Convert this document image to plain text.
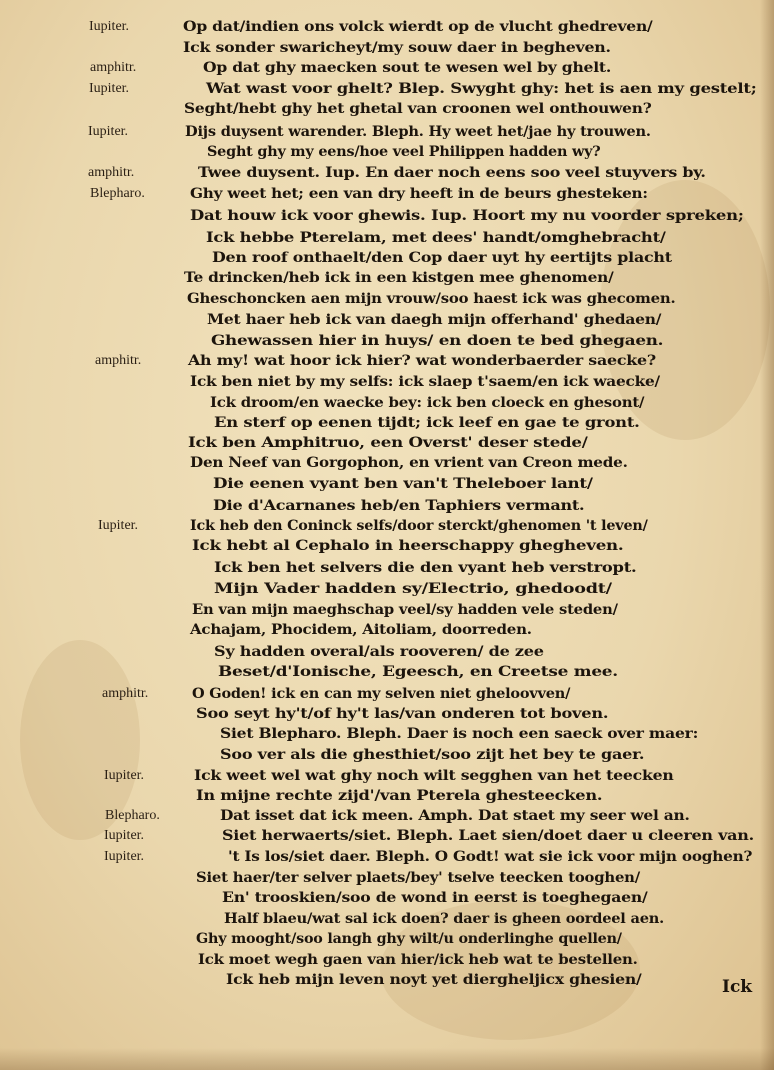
Iupiter.	Op dat/indien ons volck wierdt op de vlucht ghedreven/
Ick sonder swaricheyt/my souw daer in begheven.
amphitr.	Op dat ghy maecken sout te wesen wel by ghelt.
Iupiter.	Wat wast voor ghelt? Blep. Swyght ghy: het is aen my gestelt;
Seght/hebt ghy het ghetal van croonen wel onthouwen?
Iupiter.	Dijs duysent warender. Bleph. Hy weet het/jae hy trouwen.
Seght ghy my eens/hoe veel Philippen hadden wy?
amphitr.	Twee duysent. Iup. En daer noch eens soo veel stuyvers by.
Blepharo.	Ghy weet het; een van dry heeft in de beurs ghesteken:
Dat houw ick voor ghewis. Iup. Hoort my nu voorder spreken;
Ick hebbe Pterelam, met dees' handt/omghebracht/
Den roof onthaelt/den Cop daer uyt hy eertijts placht
Te drincken/heb ick in een kistgen mee ghenomen/
Gheschoncken aen mijn vrouw/soo haest ick was ghecomen.
Met haer heb ick van daegh mijn offerhand' ghedaen/
Ghewassen hier in huys/ en doen te bed ghegaen.
amphitr.	Ah my! wat hoor ick hier? wat wonderbaerder saecke?
Ick ben niet by my selfs: ick slaep t'saem/en ick waecke/
Ick droom/en waecke bey: ick ben cloeck en ghesont/
En sterf op eenen tijdt; ick leef en gae te gront.
Ick ben Amphitruo, een Overst' deser stede/
Den Neef van Gorgophon, en vrient van Creon mede.
Die eenen vyant ben van't Theleboer lant/
Die d'Acarnanes heb/en Taphiers vermant.
Iupiter.	Ick heb den Coninck selfs/door sterckt/ghenomen 't leven/
Ick hebt al Cephalo in heerschappy ghegheven.
Ick ben het selvers die den vyant heb verstropt.
Mijn Vader hadden sy/Electrio, ghedoodt/
En van mijn maeghschap veel/sy hadden vele steden/
Achajam, Phocidem, Aitoliam, doorreden.
Sy hadden overal/als rooveren/ de zee
Beset/d'Ionische, Egeesch, en Creetse mee.
amphitr.	O Goden! ick en can my selven niet gheloovven/
Soo seyt hy't/of hy't las/van onderen tot boven.
Siet Blepharo. Bleph. Daer is noch een saeck over maer:
Soo ver als die ghesthiet/soo zijt het bey te gaer.
Iupiter.	Ick weet wel wat ghy noch wilt segghen van het teecken
In mijne rechte zijd'/van Pterela ghesteecken.
Blepharo.	Dat isset dat ick meen. Amph. Dat staet my seer wel an.
Iupiter.	Siet herwaerts/siet. Bleph. Laet sien/doet daer u cleeren van.
Iupiter.	't Is los/siet daer. Bleph. O Godt! wat sie ick voor mijn ooghen?
Siet haer/ter selver plaets/bey' tselve teecken tooghen/
En' trooskien/soo de wond in eerst is toeghegaen/
Half blaeu/wat sal ick doen? daer is gheen oordeel aen.
Ghy mooght/soo langh ghy wilt/u onderlinghe quellen/
Ick moet wegh gaen van hier/ick heb wat te bestellen.
Ick heb mijn leven noyt yet diergheljicx ghesien/	Ick
